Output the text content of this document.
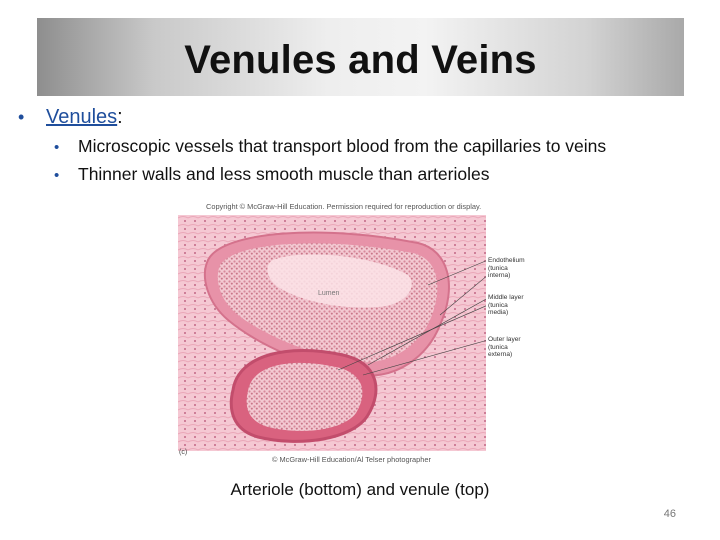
Venules and Veins
•	Venules:
•	Microscopic vessels that transport blood from the capillaries to veins
•	Thinner walls and less smooth muscle than arterioles
Copyright © McGraw-Hill Education. Permission required for reproduction or display.
Lumen
Endothelium
(tunica
interna)
Middle layer
(tunica
media)
Outer layer
(tunica
externa)
(c)
© McGraw-Hill Education/Al Telser photographer
Arteriole (bottom) and venule (top)
46
